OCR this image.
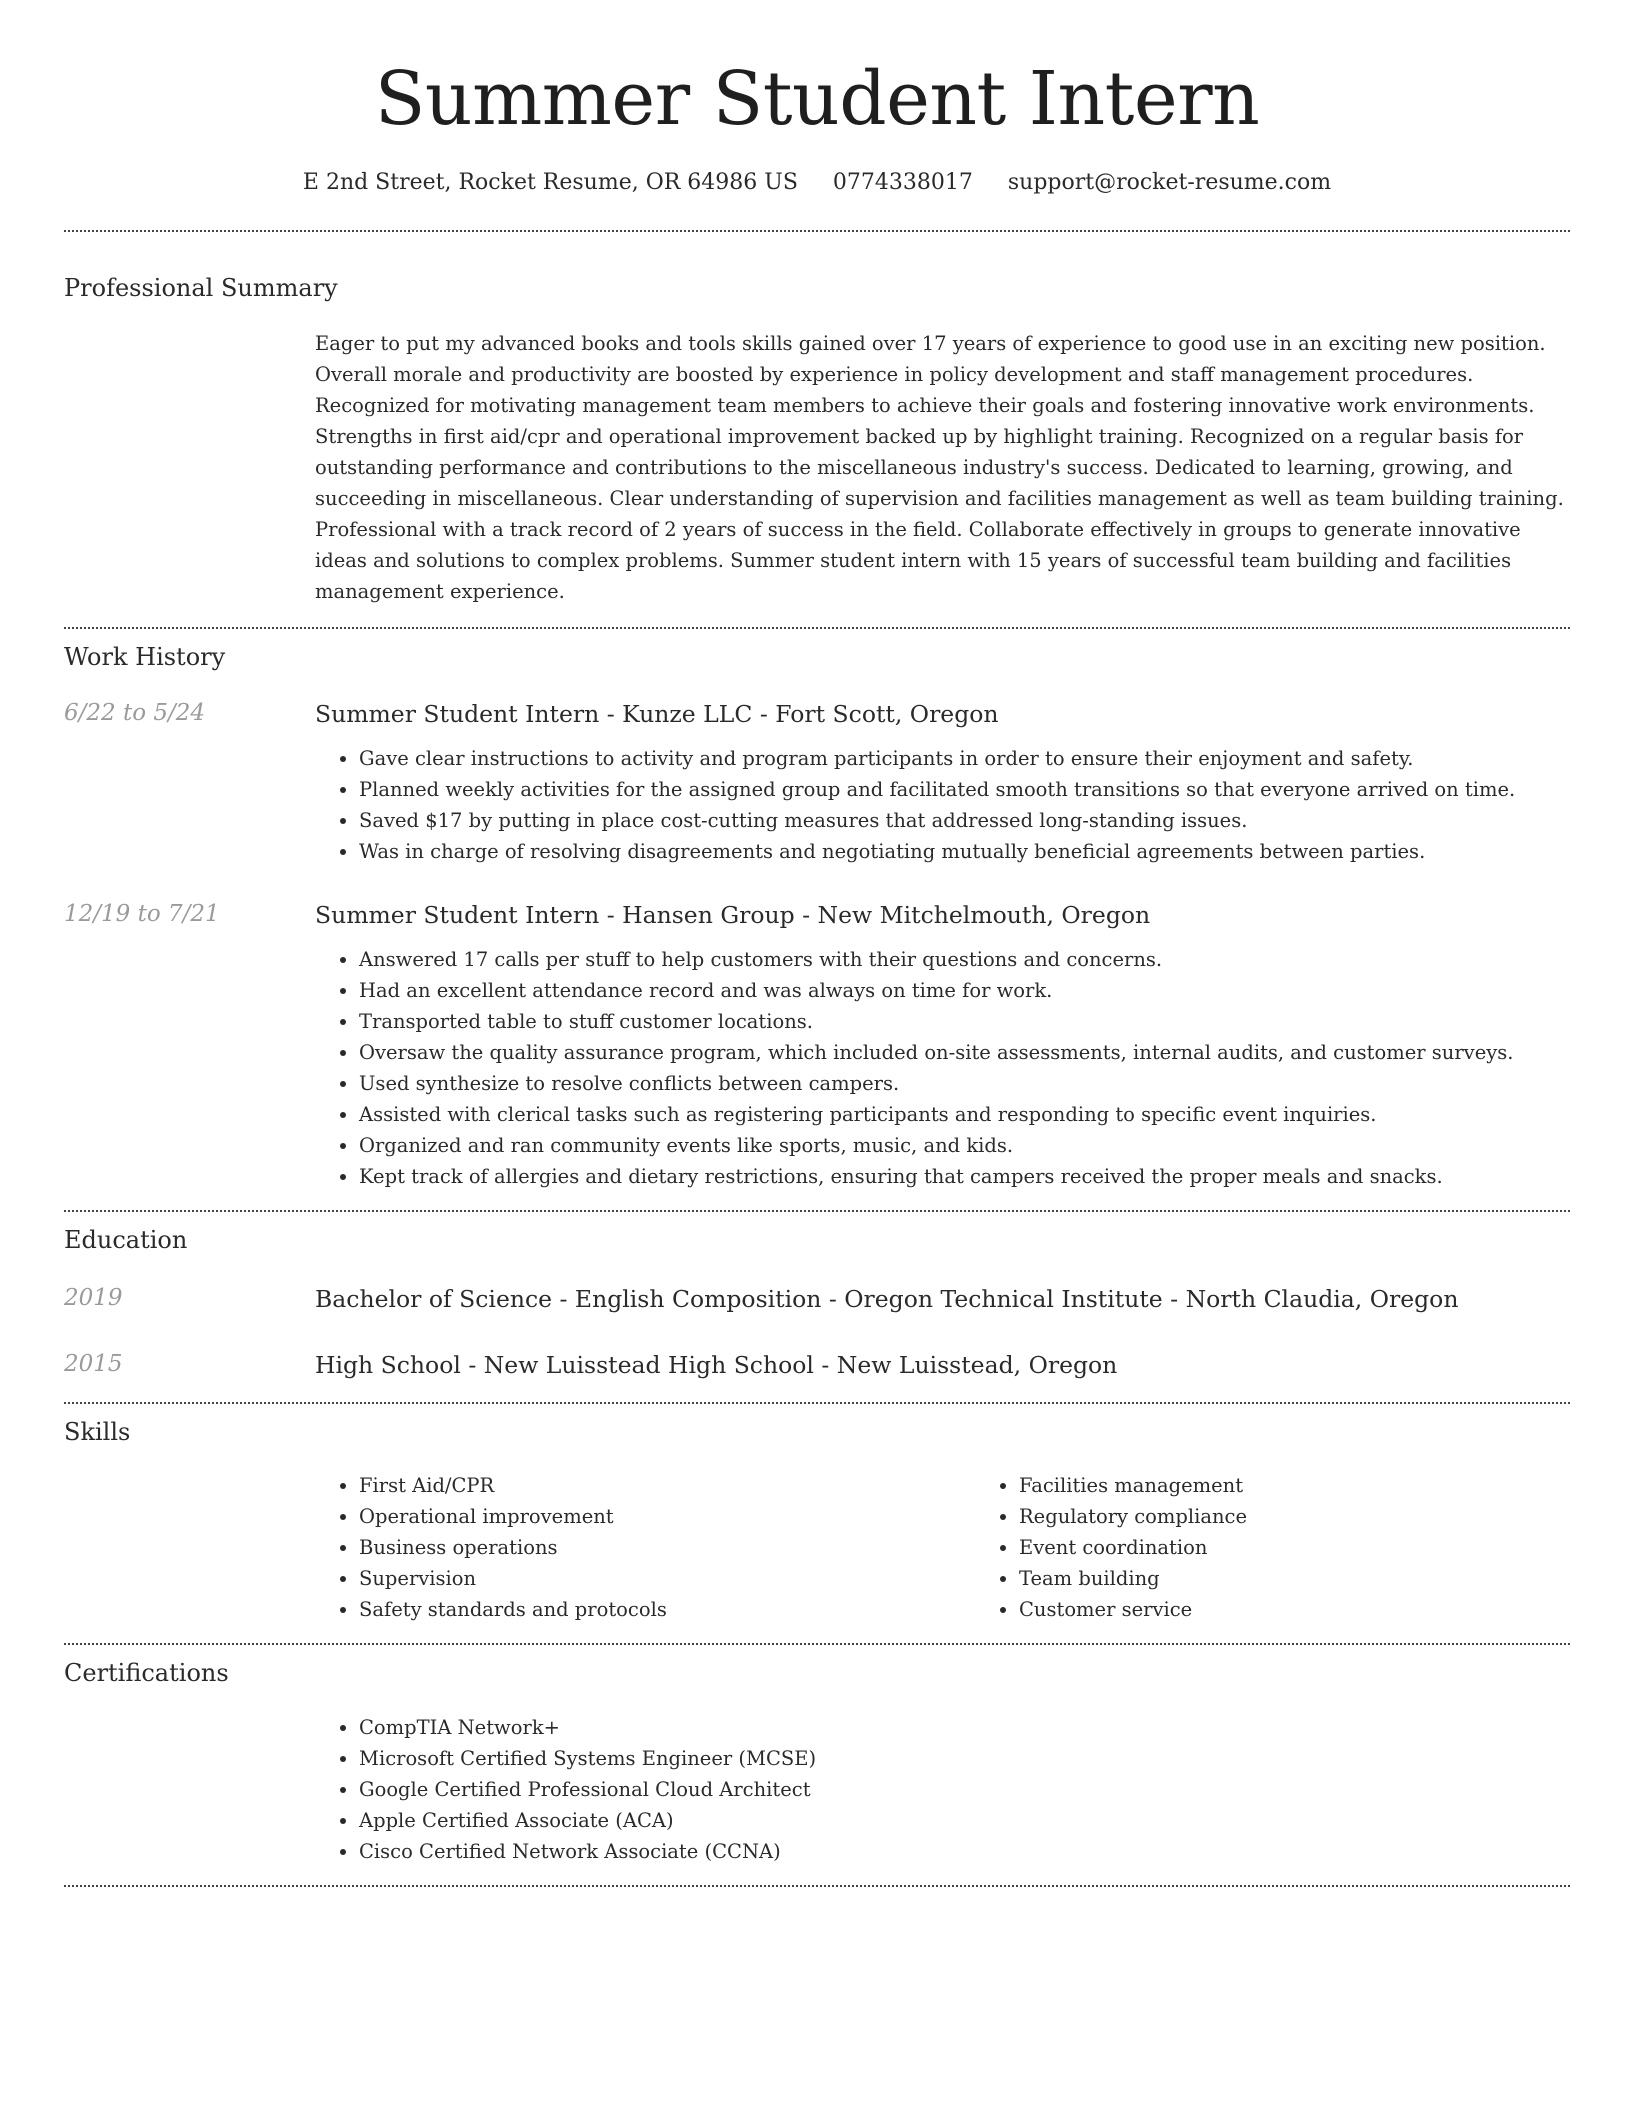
Summer Student Intern
E 2nd Street, Rocket Resume, OR 64986 US 0774338017 support@rocket-resume.com
Professional Summary
Eager to put my advanced books and tools skills gained over 17 years of experience to good use in an exciting new position. Overall morale and productivity are boosted by experience in policy development and staff management procedures. Recognized for motivating management team members to achieve their goals and fostering innovative work environments. Strengths in first aid/cpr and operational improvement backed up by highlight training. Recognized on a regular basis for outstanding performance and contributions to the miscellaneous industry's success. Dedicated to learning, growing, and succeeding in miscellaneous. Clear understanding of supervision and facilities management as well as team building training. Professional with a track record of 2 years of success in the field. Collaborate effectively in groups to generate innovative ideas and solutions to complex problems. Summer student intern with 15 years of successful team building and facilities management experience.
Work History
6/22 to 5/24	Summer Student Intern - Kunze LLC - Fort Scott, Oregon
• Gave clear instructions to activity and program participants in order to ensure their enjoyment and safety.
• Planned weekly activities for the assigned group and facilitated smooth transitions so that everyone arrived on time.
• Saved $17 by putting in place cost-cutting measures that addressed long-standing issues.
• Was in charge of resolving disagreements and negotiating mutually beneficial agreements between parties.
12/19 to 7/21	Summer Student Intern - Hansen Group - New Mitchelmouth, Oregon
• Answered 17 calls per stuff to help customers with their questions and concerns.
• Had an excellent attendance record and was always on time for work.
• Transported table to stuff customer locations.
• Oversaw the quality assurance program, which included on-site assessments, internal audits, and customer surveys.
• Used synthesize to resolve conflicts between campers.
• Assisted with clerical tasks such as registering participants and responding to specific event inquiries.
• Organized and ran community events like sports, music, and kids.
• Kept track of allergies and dietary restrictions, ensuring that campers received the proper meals and snacks.
Education
2019	Bachelor of Science - English Composition - Oregon Technical Institute - North Claudia, Oregon
2015	High School - New Luisstead High School - New Luisstead, Oregon
Skills
• First Aid/CPR
• Operational improvement
• Business operations
• Supervision
• Safety standards and protocols
• Facilities management
• Regulatory compliance
• Event coordination
• Team building
• Customer service
Certifications
• CompTIA Network+
• Microsoft Certified Systems Engineer (MCSE)
• Google Certified Professional Cloud Architect
• Apple Certified Associate (ACA)
• Cisco Certified Network Associate (CCNA)
